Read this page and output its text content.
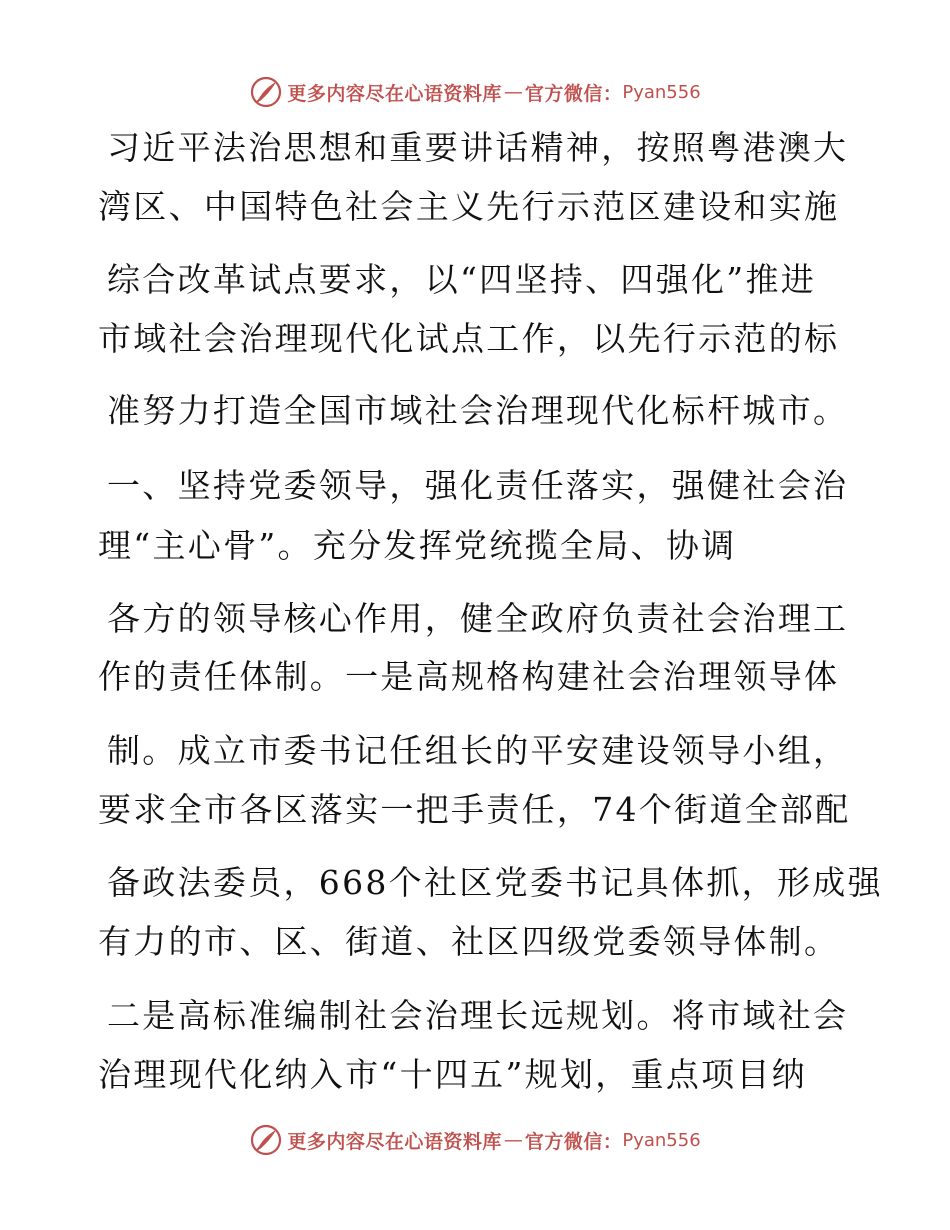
更多内容尽在心语资料库 — 官方微信： Pyan556
习近平法治思想和重要讲话精神，按照粤港澳大
湾区、中国特色社会主义先行示范区建设和实施
综合改革试点要求，以“四坚持、四强化”推进
市域社会治理现代化试点工作，以先行示范的标
准努力打造全国市域社会治理现代化标杆城市。
一、坚持党委领导，强化责任落实，强健社会治
理“主心骨”。充分发挥党统揽全局、协调
各方的领导核心作用，健全政府负责社会治理工
作的责任体制。一是高规格构建社会治理领导体
制。成立市委书记任组长的平安建设领导小组，
要求全市各区落实一把手责任，74个街道全部配
备政法委员，668个社区党委书记具体抓，形成强
有力的市、区、街道、社区四级党委领导体制。
二是高标准编制社会治理长远规划。将市域社会
治理现代化纳入市“十四五”规划，重点项目纳
更多内容尽在心语资料库 — 官方微信： Pyan556
